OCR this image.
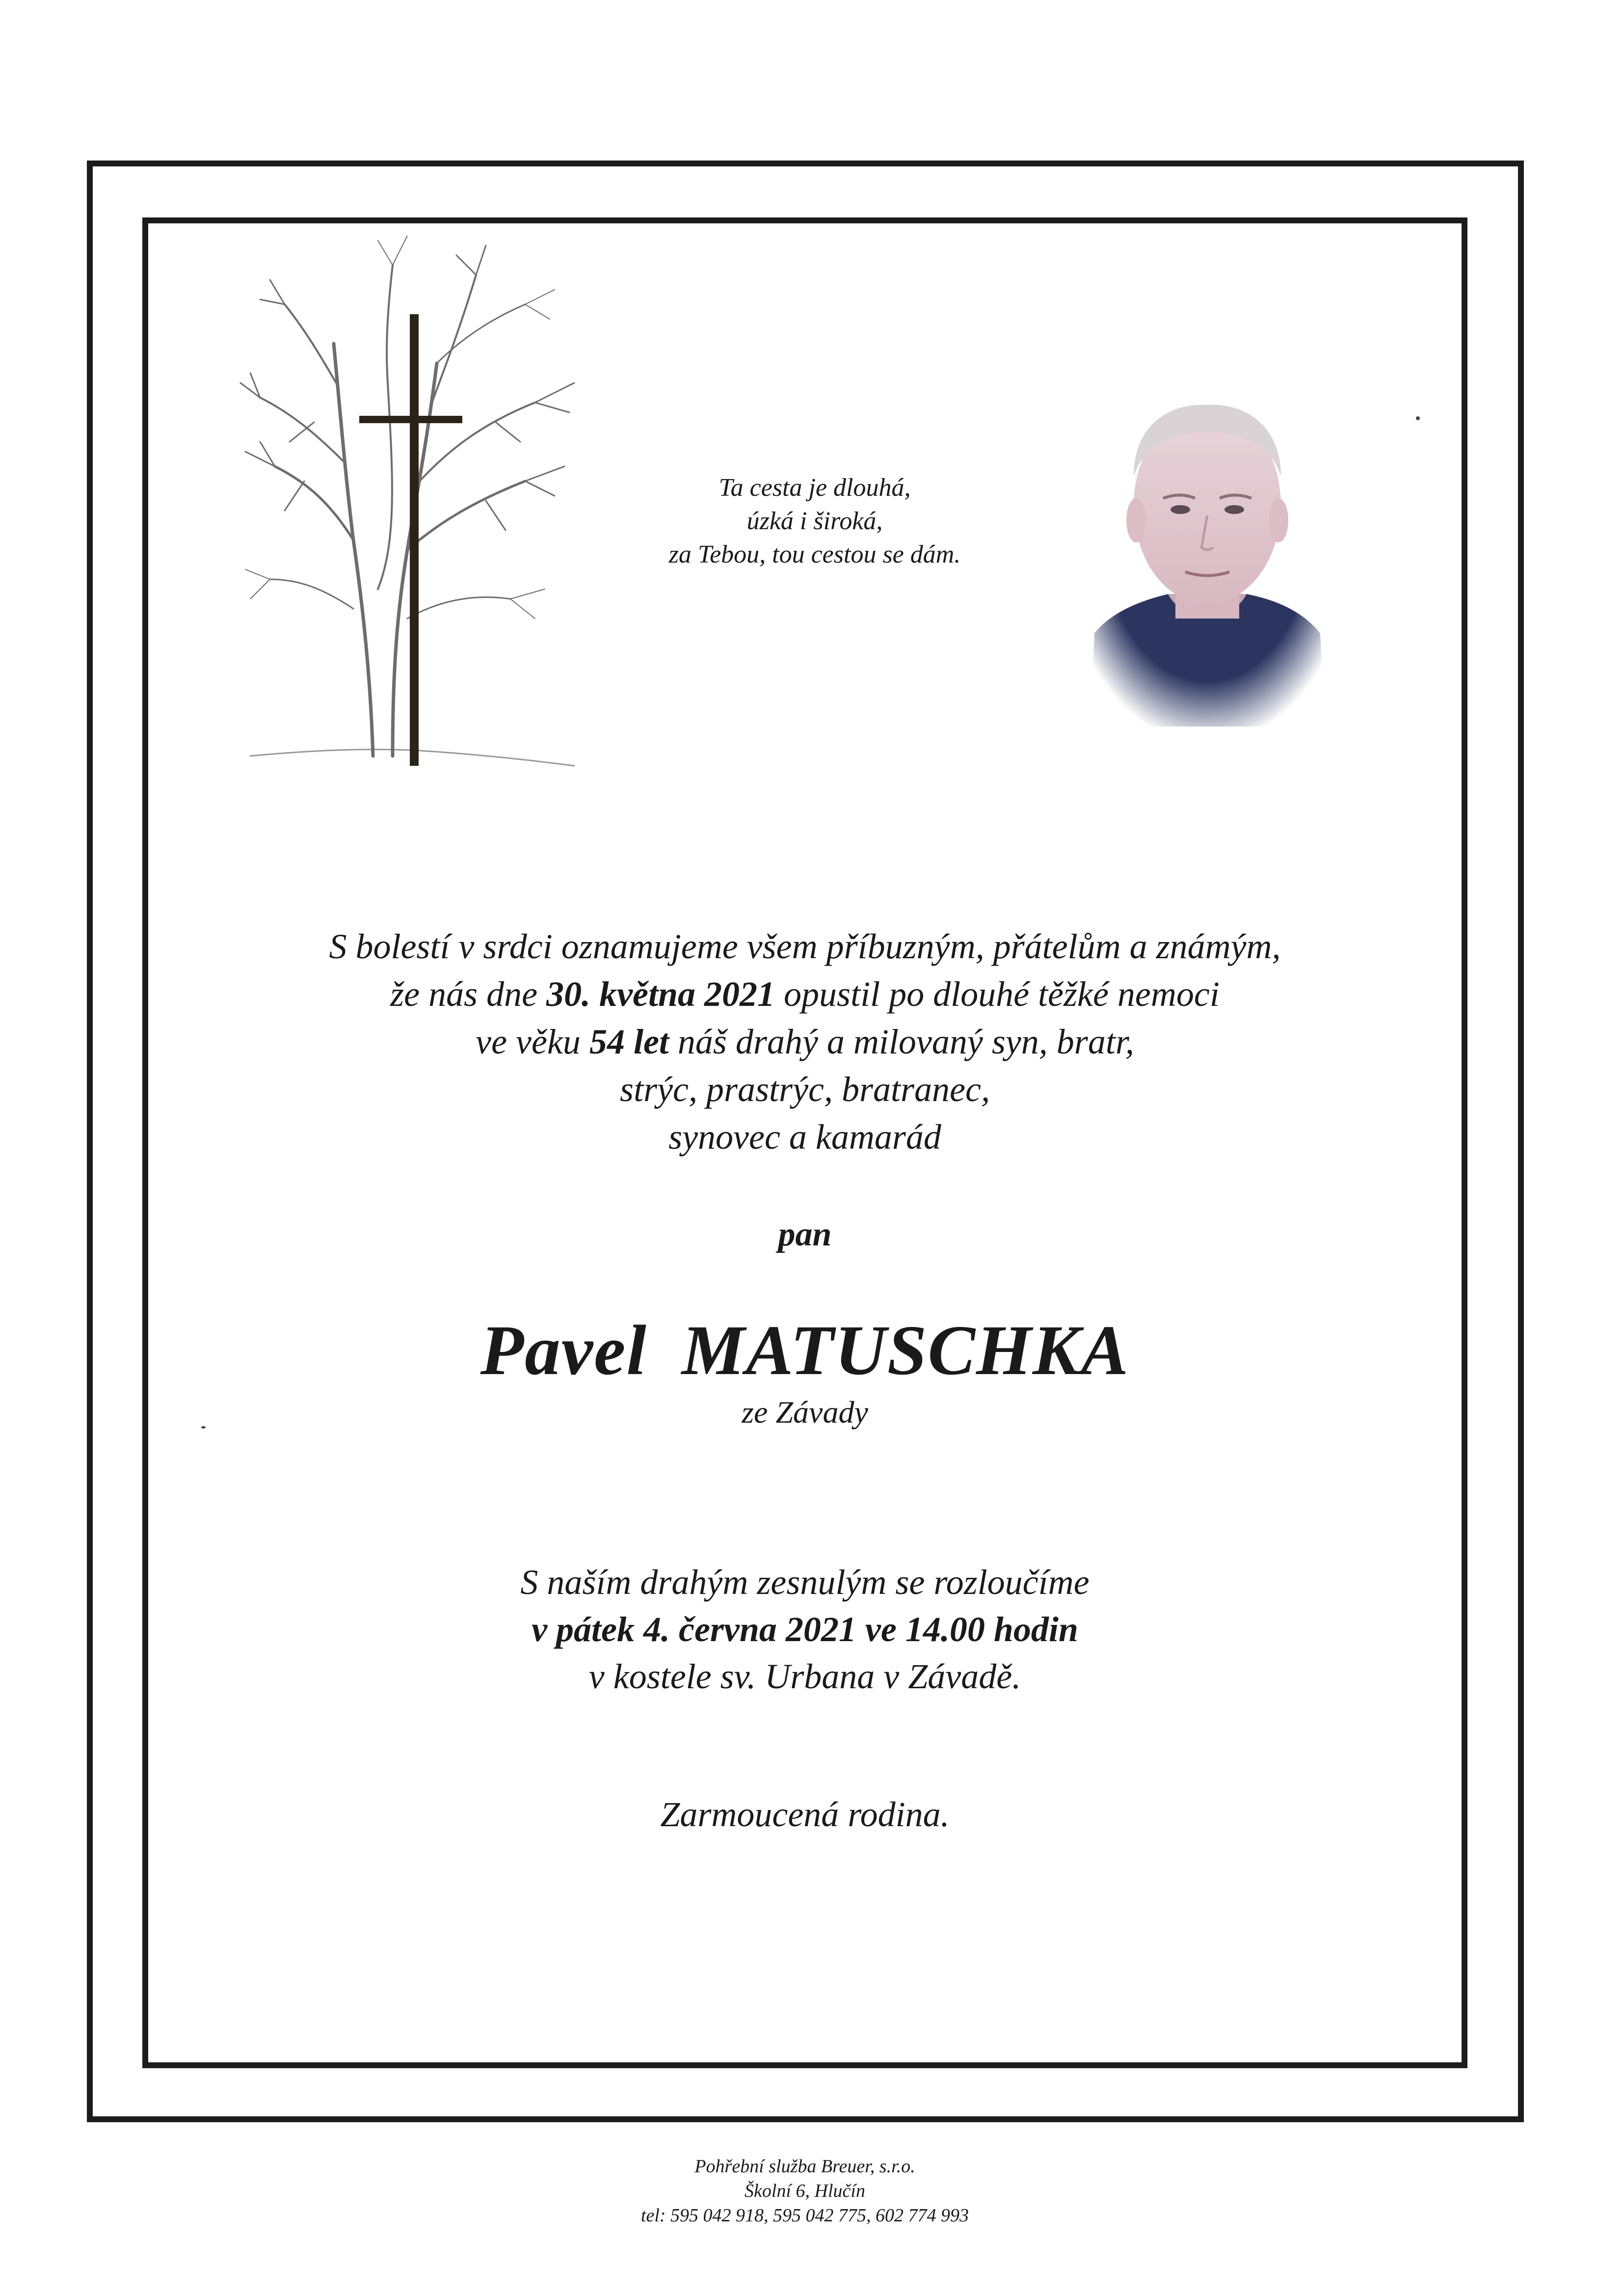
Ta cesta je dlouhá,
úzká i široká,
za Tebou, tou cestou se dám.
S bolestí v srdci oznamujeme všem příbuzným, přátelům a známým,
že nás dne 30. května 2021 opustil po dlouhé těžké nemoci
ve věku 54 let náš drahý a milovaný syn, bratr,
strýc, prastrýc, bratranec,
synovec a kamarád
pan
Pavel MATUSCHKA
ze Závady
S naším drahým zesnulým se rozloučíme
v pátek 4. června 2021 ve 14.00 hodin
v kostele sv. Urbana v Závadě.
Zarmoucená rodina.
Pohřební služba Breuer, s.r.o.
Školní 6, Hlučín
tel: 595 042 918, 595 042 775, 602 774 993
